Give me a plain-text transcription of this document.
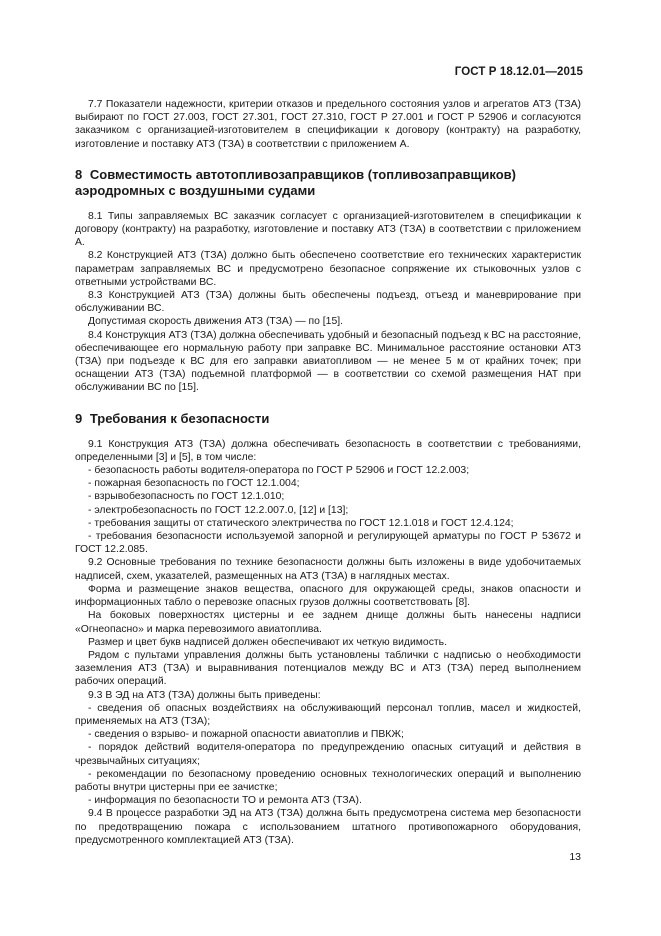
ГОСТ Р 18.12.01—2015

7.7 Показатели надежности, критерии отказов и предельного состояния узлов и агрегатов АТЗ (ТЗА) выбирают по ГОСТ 27.003, ГОСТ 27.301, ГОСТ 27.310, ГОСТ Р 27.001 и ГОСТ Р 52906 и согласуются заказчиком с организацией-изготовителем в спецификации к договору (контракту) на разработку, изготовление и поставку АТЗ (ТЗА) в соответствии с приложением А.

8 Совместимость автотопливозаправщиков (топливозаправщиков) аэродромных с воздушными судами

8.1 Типы заправляемых ВС заказчик согласует с организацией-изготовителем в спецификации к договору (контракту) на разработку, изготовление и поставку АТЗ (ТЗА) в соответствии с приложением А.

8.2 Конструкцией АТЗ (ТЗА) должно быть обеспечено соответствие его технических характеристик параметрам заправляемых ВС и предусмотрено безопасное сопряжение их стыковочных узлов с ответными устройствами ВС.

8.3 Конструкцией АТЗ (ТЗА) должны быть обеспечены подъезд, отъезд и маневрирование при обслуживании ВС.

Допустимая скорость движения АТЗ (ТЗА) — по [15].

8.4 Конструкция АТЗ (ТЗА) должна обеспечивать удобный и безопасный подъезд к ВС на расстояние, обеспечивающее его нормальную работу при заправке ВС. Минимальное расстояние остановки АТЗ (ТЗА) при подъезде к ВС для его заправки авиатопливом — не менее 5 м от крайних точек; при оснащении АТЗ (ТЗА) подъемной платформой — в соответствии со схемой размещения НАТ при обслуживании ВС по [15].

9 Требования к безопасности

9.1 Конструкция АТЗ (ТЗА) должна обеспечивать безопасность в соответствии с требованиями, определенными [3] и [5], в том числе:

- безопасность работы водителя-оператора по ГОСТ Р 52906 и ГОСТ 12.2.003;

- пожарная безопасность по ГОСТ 12.1.004;

- взрывобезопасность по ГОСТ 12.1.010;

- электробезопасность по ГОСТ 12.2.007.0, [12] и [13];

- требования защиты от статического электричества по ГОСТ 12.1.018 и ГОСТ 12.4.124;

- требования безопасности используемой запорной и регулирующей арматуры по ГОСТ Р 53672 и ГОСТ 12.2.085.

9.2 Основные требования по технике безопасности должны быть изложены в виде удобочитаемых надписей, схем, указателей, размещенных на АТЗ (ТЗА) в наглядных местах.

Форма и размещение знаков вещества, опасного для окружающей среды, знаков опасности и информационных табло о перевозке опасных грузов должны соответствовать [8].

На боковых поверхностях цистерны и ее заднем днище должны быть нанесены надписи «Огнеопасно» и марка перевозимого авиатоплива.

Размер и цвет букв надписей должен обеспечивают их четкую видимость.

Рядом с пультами управления должны быть установлены таблички с надписью о необходимости заземления АТЗ (ТЗА) и выравнивания потенциалов между ВС и АТЗ (ТЗА) перед выполнением рабочих операций.

9.3 В ЭД на АТЗ (ТЗА) должны быть приведены:

- сведения об опасных воздействиях на обслуживающий персонал топлив, масел и жидкостей, применяемых на АТЗ (ТЗА);

- сведения о взрыво- и пожарной опасности авиатоплив и ПВКЖ;

- порядок действий водителя-оператора по предупреждению опасных ситуаций и действия в чрезвычайных ситуациях;

- рекомендации по безопасному проведению основных технологических операций и выполнению работы внутри цистерны при ее зачистке;

- информация по безопасности ТО и ремонта АТЗ (ТЗА).

9.4 В процессе разработки ЭД на АТЗ (ТЗА) должна быть предусмотрена система мер безопасности по предотвращению пожара с использованием штатного противопожарного оборудования, предусмотренного комплектацией АТЗ (ТЗА).

13
